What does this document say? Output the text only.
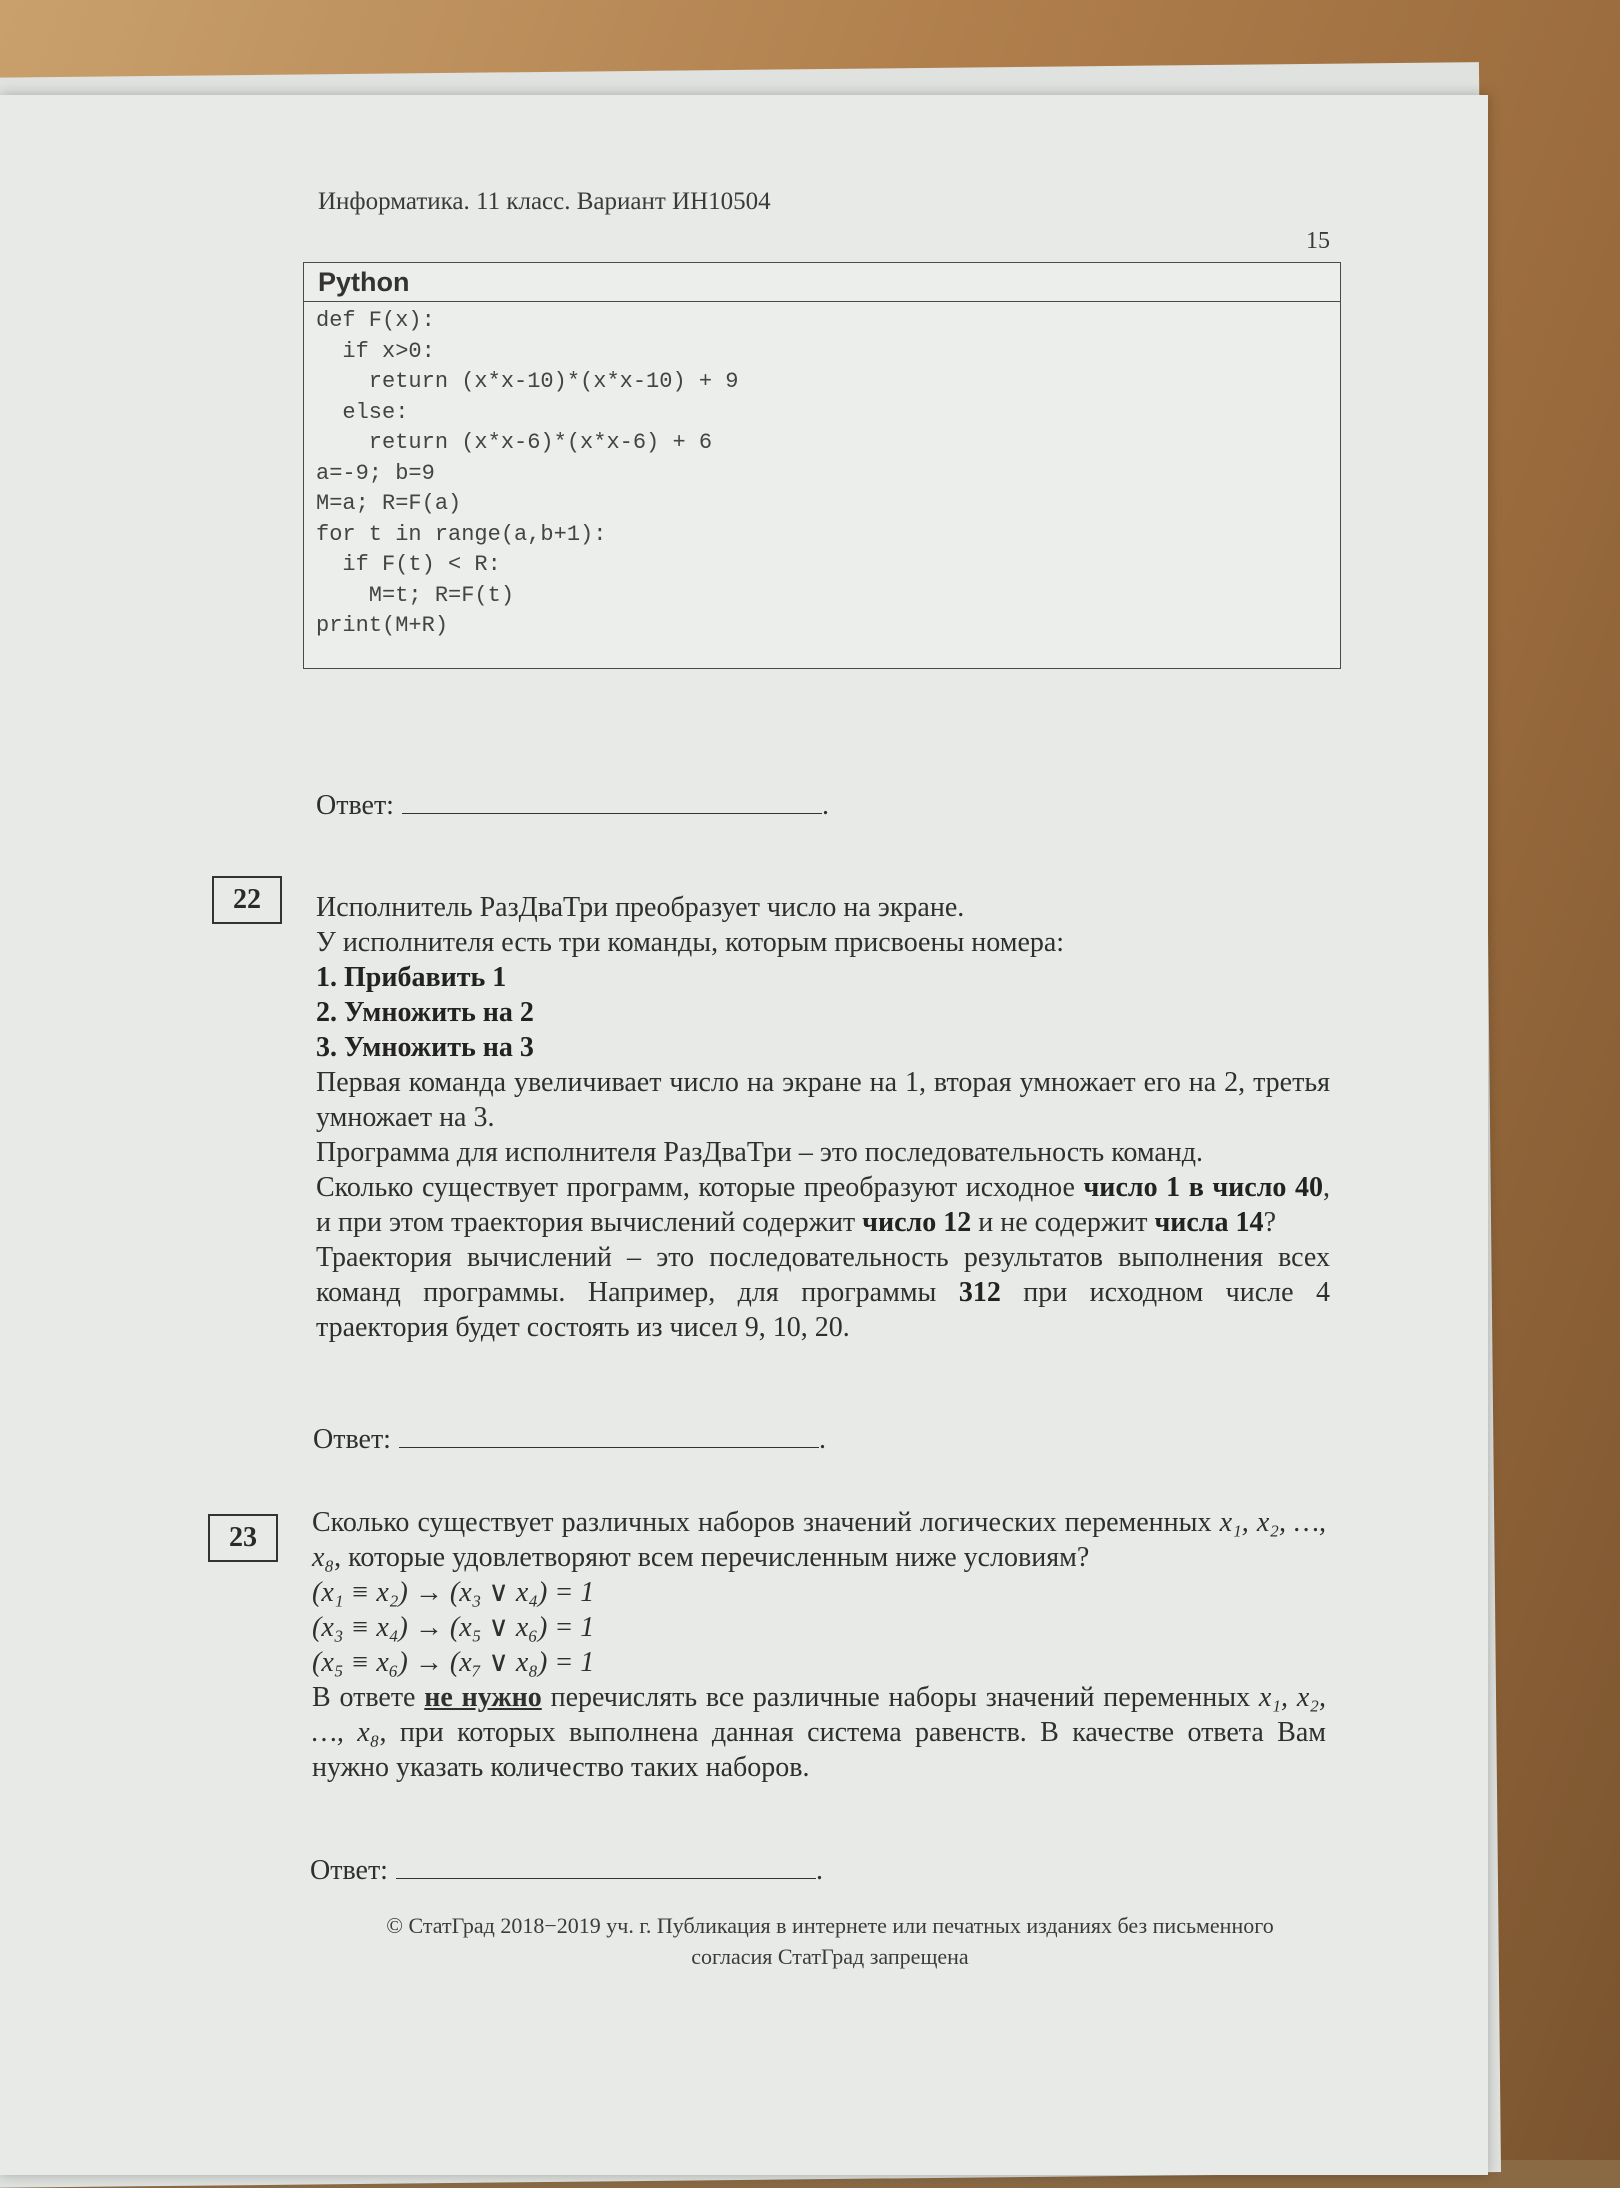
Информатика. 11 класс. Вариант ИН10504
15
Python
def F(x):
if x>0:
return (x*x-10)*(x*x-10) + 9
else:
return (x*x-6)*(x*x-6) + 6
a=-9; b=9
M=a; R=F(a)
for t in range(a,b+1):
if F(t) < R:
M=t; R=F(t)
print(M+R)
Ответ:	.
22	Исполнитель РазДваТри преобразует число на экране.

У исполнителя есть три команды, которым присвоены номера:

1. Прибавить 1

2. Умножить на 2

3. Умножить на 3

Первая команда увеличивает число на экране на 1, вторая умножает его на 2, третья умножает на 3.

Программа для исполнителя РазДваТри – это последовательность команд.

Сколько существует программ, которые преобразуют исходное число 1 в число 40, и при этом траектория вычислений содержит число 12 и не содержит числа 14?

Траектория вычислений – это последовательность результатов выполнения всех команд программы. Например, для программы 312 при исходном числе 4 траектория будет состоять из чисел 9, 10, 20.

Ответ:	.
23	Сколько существует различных наборов значений логических переменных x₁, x₂, …, x₈, которые удовлетворяют всем перечисленным ниже условиям?

(x₁ ≡ x₂) → (x₃ ∨ x₄) = 1

(x₃ ≡ x₄) → (x₅ ∨ x₆) = 1

(x₅ ≡ x₆) → (x₇ ∨ x₈) = 1

В ответе не нужно перечислять все различные наборы значений переменных x₁, x₂, …, x₈, при которых выполнена данная система равенств. В качестве ответа Вам нужно указать количество таких наборов.

Ответ:	.
© СтатГрад 2018−2019 уч. г. Публикация в интернете или печатных изданиях без письменного
согласия СтатГрад запрещена
